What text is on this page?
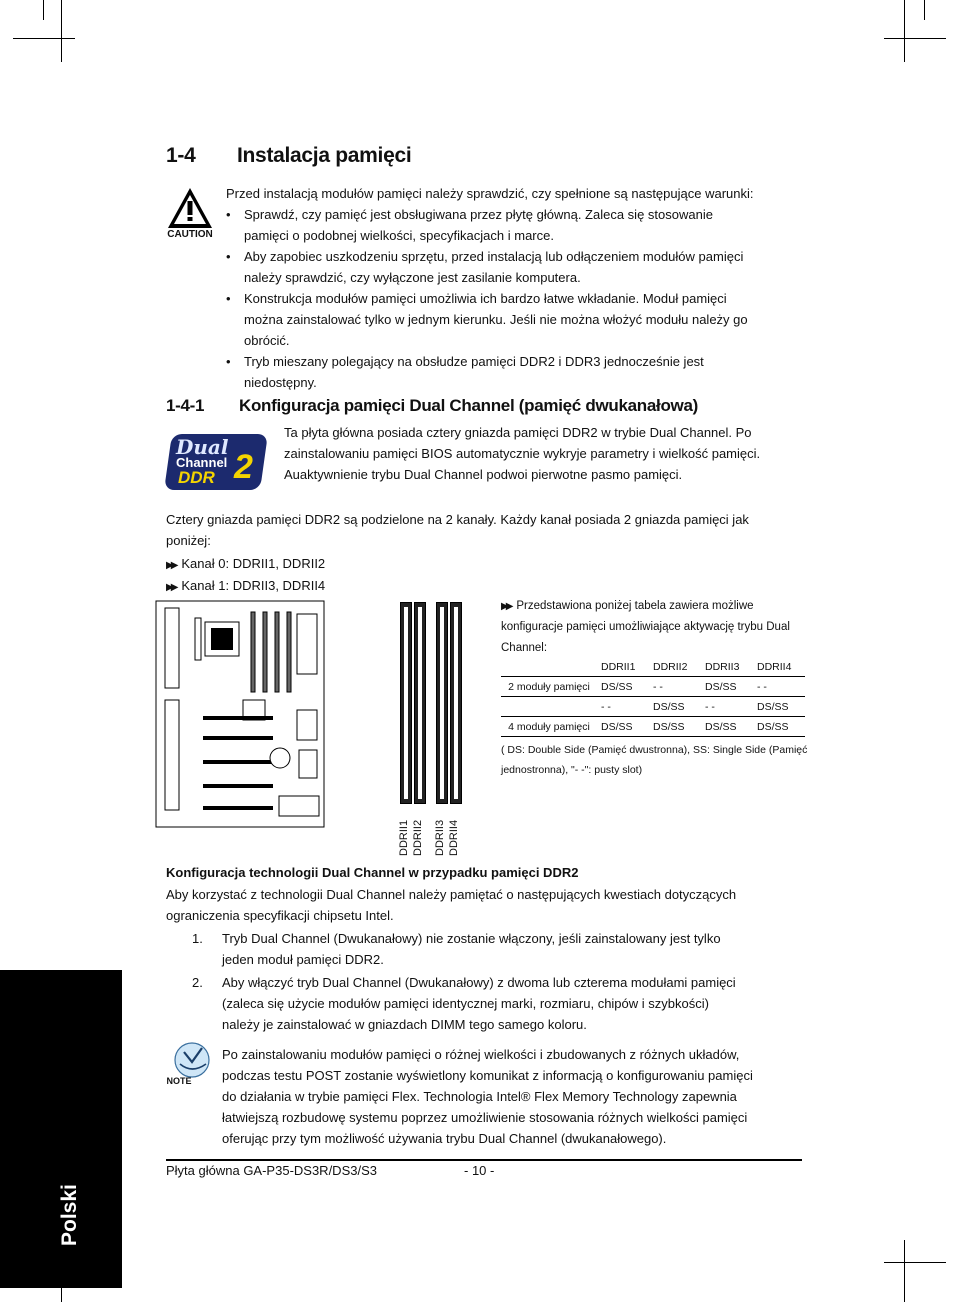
Polski
1-4 Instalacja pamięci
CAUTION
Przed instalacją modułów pamięci należy sprawdzić, czy spełnione są następujące warunki:
• Sprawdź, czy pamięć jest obsługiwana przez płytę główną. Zaleca się stosowanie
pamięci o podobnej wielkości, specyfikacjach i marce.
• Aby zapobiec uszkodzeniu sprzętu, przed instalacją lub odłączeniem modułów pamięci
należy sprawdzić, czy wyłączone jest zasilanie komputera.
• Konstrukcja modułów pamięci umożliwia ich bardzo łatwe wkładanie. Moduł pamięci
można zainstalować tylko w jednym kierunku. Jeśli nie można włożyć modułu należy go
obrócić.
• Tryb mieszany polegający na obsłudze pamięci DDR2 i DDR3 jednocześnie jest
niedostępny.
1-4-1 Konfiguracja pamięci Dual Channel (pamięć dwukanałowa)
Dual
Channel
DDR 2
Ta płyta główna posiada cztery gniazda pamięci DDR2 w trybie Dual Channel. Po
zainstalowaniu pamięci BIOS automatycznie wykryje parametry i wielkość pamięci.
Auaktywnienie trybu Dual Channel podwoi pierwotne pasmo pamięci.
Cztery gniazda pamięci DDR2 są podzielone na 2 kanały. Każdy kanał posiada 2 gniazda pamięci jak
poniżej:
▶▶ Kanał 0: DDRII1, DDRII2
▶▶ Kanał 1: DDRII3, DDRII4
DDRII1 DDRII2 DDRII3 DDRII4
▶▶ Przedstawiona poniżej tabela zawiera możliwe
konfiguracje pamięci umożliwiające aktywację trybu Dual
Channel:
	DDRII1	DDRII2	DDRII3	DDRII4
2 moduły pamięci	DS/SS	- -	DS/SS	- -
	- -	DS/SS	- -	DS/SS
4 moduły pamięci	DS/SS	DS/SS	DS/SS	DS/SS
( DS: Double Side (Pamięć dwustronna), SS: Single Side (Pamięć
jednostronna), "- -": pusty slot)
Konfiguracja technologii Dual Channel w przypadku pamięci DDR2
Aby korzystać z technologii Dual Channel należy pamiętać o następujących kwestiach dotyczących
ograniczenia specyfikacji chipsetu Intel.
1. Tryb Dual Channel (Dwukanałowy) nie zostanie włączony, jeśli zainstalowany jest tylko
jeden moduł pamięci DDR2.
2. Aby włączyć tryb Dual Channel (Dwukanałowy) z dwoma lub czterema modułami pamięci
(zaleca się użycie modułów pamięci identycznej marki, rozmiaru, chipów i szybkości)
należy je zainstalować w gniazdach DIMM tego samego koloru.
NOTE
Po zainstalowaniu modułów pamięci o różnej wielkości i zbudowanych z różnych układów,
podczas testu POST zostanie wyświetlony komunikat z informacją o konfigurowaniu pamięci
do działania w trybie pamięci Flex. Technologia Intel® Flex Memory Technology zapewnia
łatwiejszą rozbudowę systemu poprzez umożliwienie stosowania różnych wielkości pamięci
oferując przy tym możliwość używania trybu Dual Channel (dwukanałowego).
Płyta główna GA-P35-DS3R/DS3/S3	- 10 -
